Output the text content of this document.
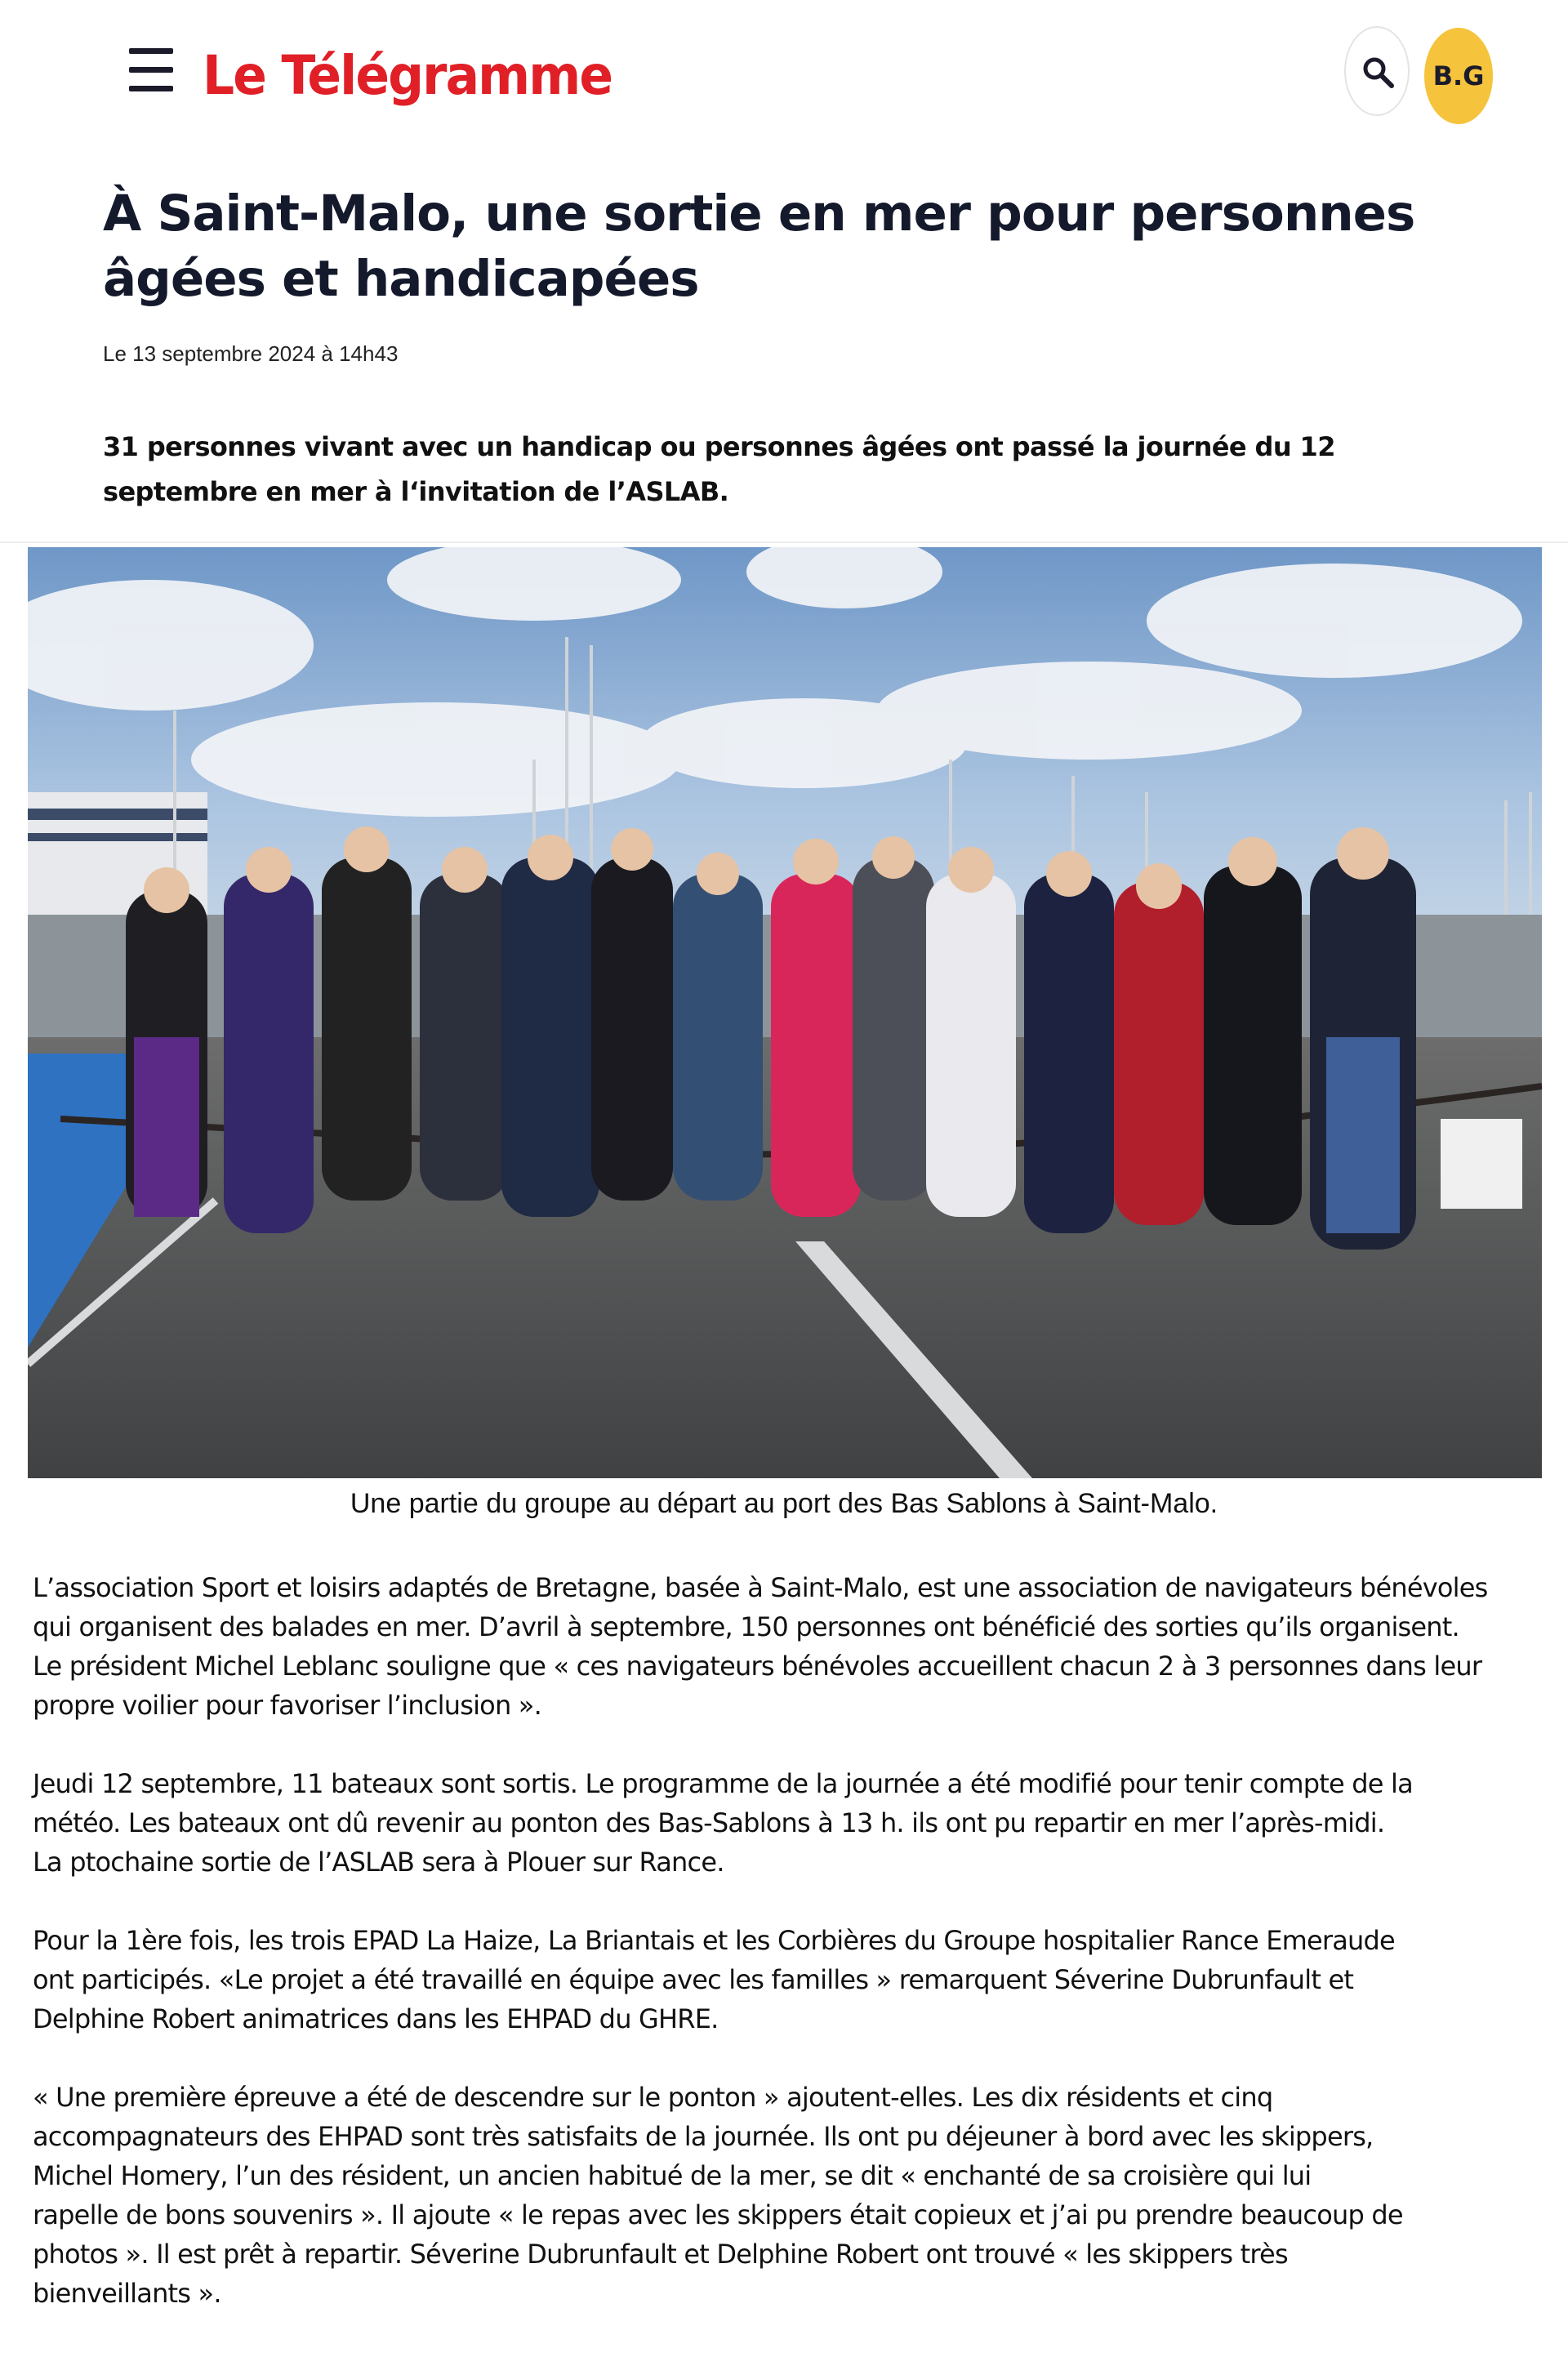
Le Télégramme	B.G
À Saint-Malo, une sortie en mer pour personnes âgées et handicapées
Le 13 septembre 2024 à 14h43

31 personnes vivant avec un handicap ou personnes âgées ont passé la journée du 12 septembre en mer à l‘invitation de l’ASLAB.

Une partie du groupe au départ au port des Bas Sablons à Saint-Malo.

L’association Sport et loisirs adaptés de Bretagne, basée à Saint-Malo, est une association de navigateurs bénévoles
qui organisent des balades en mer. D’avril à septembre, 150 personnes ont bénéficié des sorties qu’ils organisent.
Le président Michel Leblanc souligne que « ces navigateurs bénévoles accueillent chacun 2 à 3 personnes dans leur
propre voilier pour favoriser l’inclusion ».

Jeudi 12 septembre, 11 bateaux sont sortis. Le programme de la journée a été modifié pour tenir compte de la
météo. Les bateaux ont dû revenir au ponton des Bas-Sablons à 13 h. ils ont pu repartir en mer l’après-midi.
La ptochaine sortie de l’ASLAB sera à Plouer sur Rance.

Pour la 1ère fois, les trois EPAD La Haize, La Briantais et les Corbières du Groupe hospitalier Rance Emeraude
ont participés. «Le projet a été travaillé en équipe avec les familles » remarquent Séverine Dubrunfault et
Delphine Robert animatrices dans les EHPAD du GHRE.

« Une première épreuve a été de descendre sur le ponton » ajoutent-elles. Les dix résidents et cinq
accompagnateurs des EHPAD sont très satisfaits de la journée. Ils ont pu déjeuner à bord avec les skippers,
Michel Homery, l’un des résident, un ancien habitué de la mer, se dit « enchanté de sa croisière qui lui
rapelle de bons souvenirs ». Il ajoute « le repas avec les skippers était copieux et j’ai pu prendre beaucoup de
photos ». Il est prêt à repartir. Séverine Dubrunfault et Delphine Robert ont trouvé « les skippers très
bienveillants ».
